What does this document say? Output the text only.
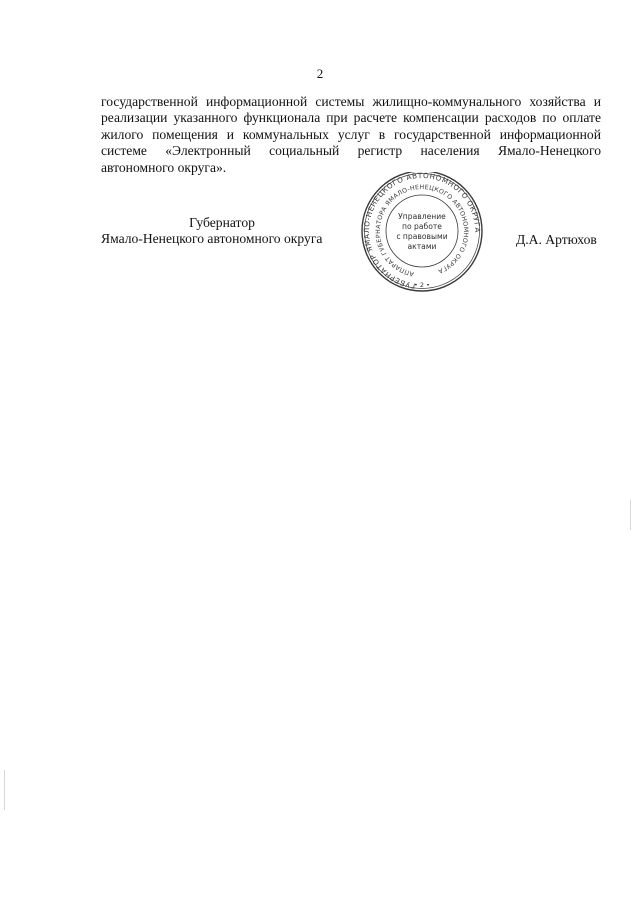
2

государственной информационной системы жилищно-коммунального хозяйства и реализации указанного функционала при расчете компенсации расходов по оплате жилого помещения и коммунальных услуг в государственной информационной системе «Электронный социальный регистр населения Ямало-Ненецкого автономного округа».

Губернатор
Ямало-Ненецкого автономного округа	Д.А. Артюхов
ГУБЕРНАТОР ЯМАЛО-НЕНЕЦКОГО АВТОНОМНОГО ОКРУГА
АППАРАТ ГУБЕРНАТОРА ЯМАЛО-НЕНЕЦКОГО АВТОНОМНОГО ОКРУГА
Управление
по работе
с правовыми
актами
• 2 •
